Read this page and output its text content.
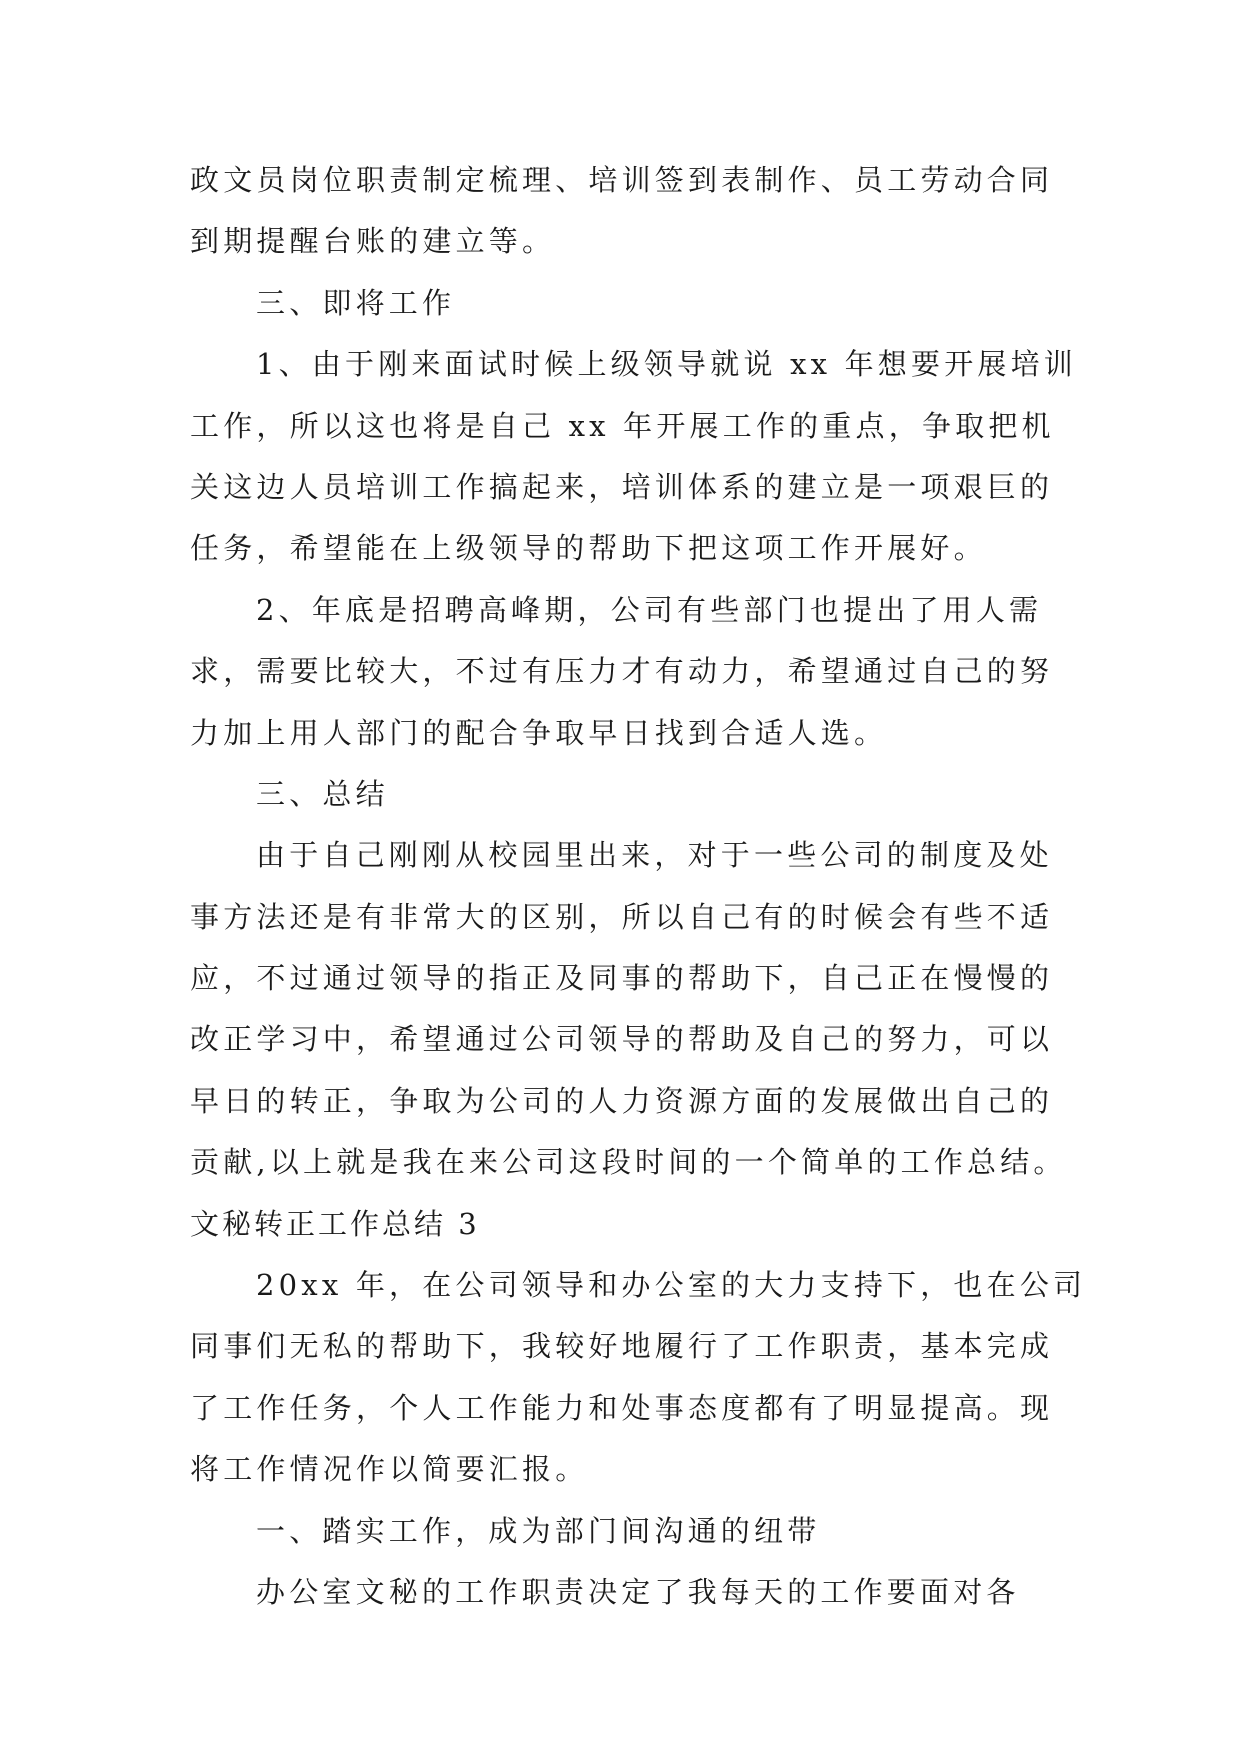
政文员岗位职责制定梳理、培训签到表制作、员工劳动合同
到期提醒台账的建立等。
三、即将工作
1、由于刚来面试时候上级领导就说 xx 年想要开展培训
工作，所以这也将是自己 xx 年开展工作的重点，争取把机
关这边人员培训工作搞起来，培训体系的建立是一项艰巨的
任务，希望能在上级领导的帮助下把这项工作开展好。
2、年底是招聘高峰期，公司有些部门也提出了用人需
求，需要比较大，不过有压力才有动力，希望通过自己的努
力加上用人部门的配合争取早日找到合适人选。
三、总结
由于自己刚刚从校园里出来，对于一些公司的制度及处
事方法还是有非常大的区别，所以自己有的时候会有些不适
应，不过通过领导的指正及同事的帮助下，自己正在慢慢的
改正学习中，希望通过公司领导的帮助及自己的努力，可以
早日的转正，争取为公司的人力资源方面的发展做出自己的
贡献,以上就是我在来公司这段时间的一个简单的工作总结。
文秘转正工作总结 3
20xx 年，在公司领导和办公室的大力支持下，也在公司
同事们无私的帮助下，我较好地履行了工作职责，基本完成
了工作任务，个人工作能力和处事态度都有了明显提高。现
将工作情况作以简要汇报。
一、踏实工作，成为部门间沟通的纽带
办公室文秘的工作职责决定了我每天的工作要面对各
